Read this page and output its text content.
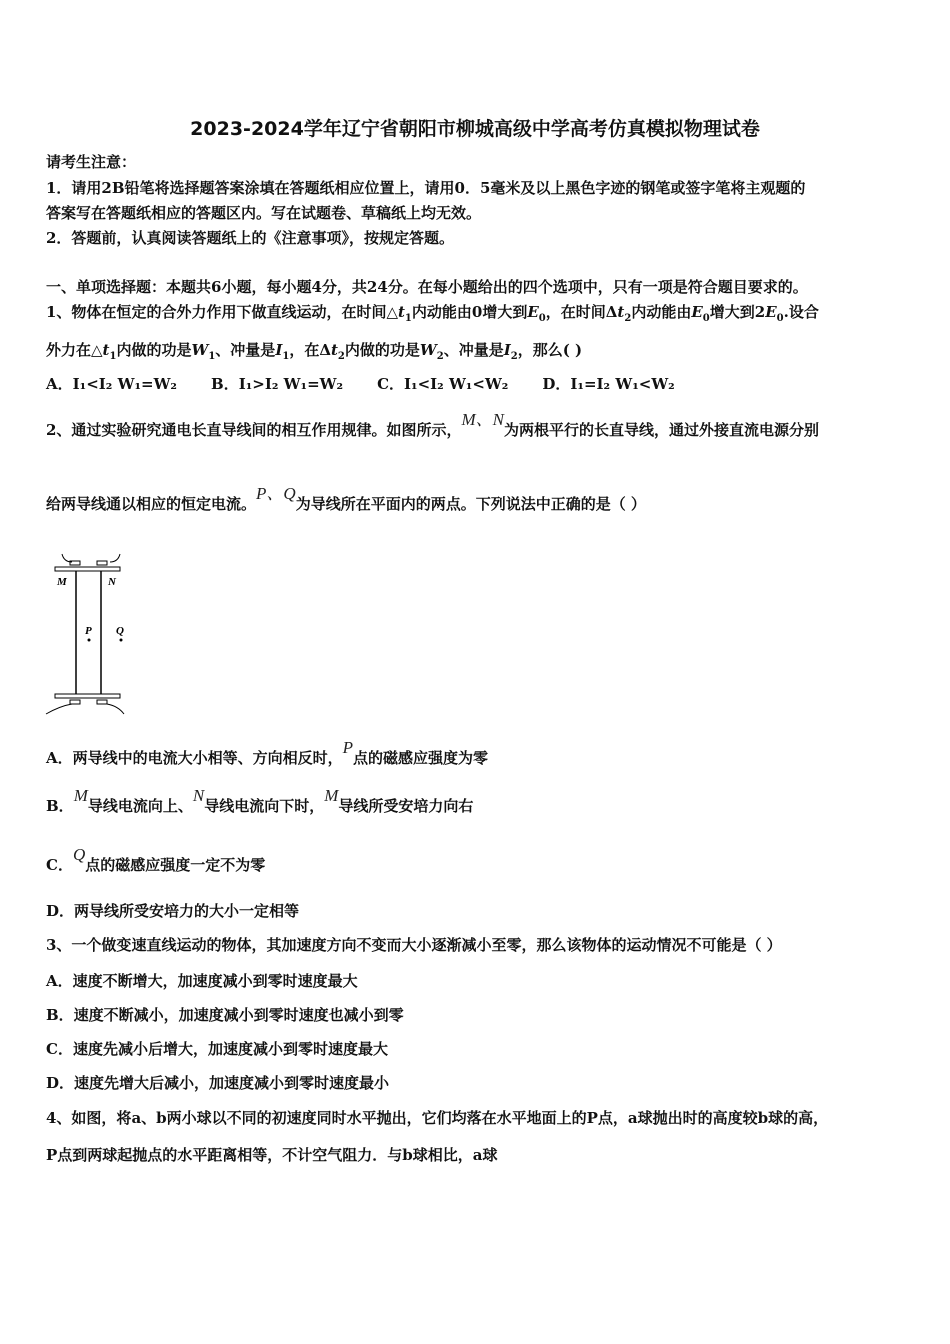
2023-2024学年辽宁省朝阳市柳城高级中学高考仿真模拟物理试卷
请考生注意：
1．请用2B铅笔将选择题答案涂填在答题纸相应位置上，请用0．5毫米及以上黑色字迹的钢笔或签字笔将主观题的
答案写在答题纸相应的答题区内。写在试题卷、草稿纸上均无效。
2．答题前，认真阅读答题纸上的《注意事项》，按规定答题。
一、单项选择题：本题共6小题，每小题4分，共24分。在每小题给出的四个选项中，只有一项是符合题目要求的。
1、物体在恒定的合外力作用下做直线运动，在时间$\triangle t_1$内动能由0增大到$E_0$，在时间$\Delta t_2$内动能由$E_0$增大到$2E_0$.设合
外力在$\triangle t_1$内做的功是$W_1$、冲量是$I_1$，在$\Delta t_2$内做的功是$W_2$、冲量是$I_2$，那么( )
A．I₁<I₂ W₁=W₂ B．I₁>I₂ W₁=W₂ C．I₁<I₂ W₁<W₂ D．I₁=I₂ W₁<W₂
2、通过实验研究通电长直导线间的相互作用规律。如图所示，M、N为两根平行的长直导线，通过外接直流电源分别
给两导线通以相应的恒定电流。P、Q为导线所在平面内的两点。下列说法中正确的是（ ）
M	N
P Q
A．两导线中的电流大小相等、方向相反时，P点的磁感应强度为零
B．M导线电流向上、N导线电流向下时，M导线所受安培力向右
C．Q点的磁感应强度一定不为零
D．两导线所受安培力的大小一定相等
3、一个做变速直线运动的物体，其加速度方向不变而大小逐渐减小至零，那么该物体的运动情况不可能是（ ）
A．速度不断增大，加速度减小到零时速度最大
B．速度不断减小，加速度减小到零时速度也减小到零
C．速度先减小后增大，加速度减小到零时速度最大
D．速度先增大后减小，加速度减小到零时速度最小
4、如图，将a、b两小球以不同的初速度同时水平抛出，它们均落在水平地面上的P点，a球抛出时的高度较b球的高，
P点到两球起抛点的水平距离相等，不计空气阻力．与b球相比，a球
